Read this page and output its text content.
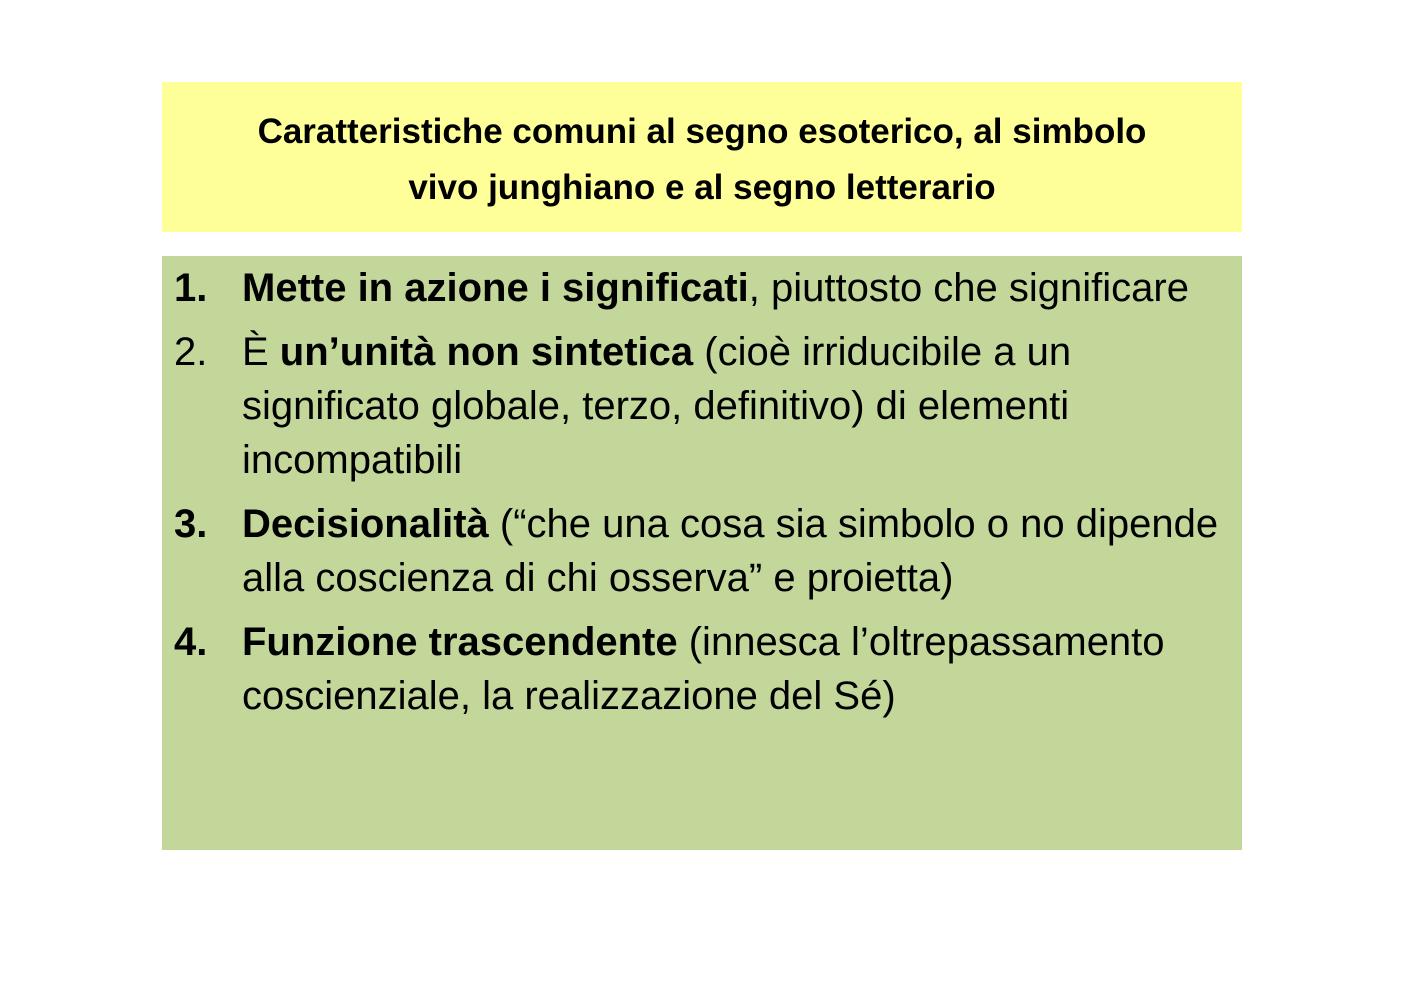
Caratteristiche comuni al segno esoterico, al simbolo
vivo junghiano e al segno letterario
1. Mette in azione i significati, piuttosto che significare
2. È un’unità non sintetica (cioè irriducibile a un significato globale, terzo, definitivo) di elementi incompatibili
3. Decisionalità (“che una cosa sia simbolo o no dipende alla coscienza di chi osserva” e proietta)
4. Funzione trascendente (innesca l’oltrepassamento coscienziale, la realizzazione del Sé)
